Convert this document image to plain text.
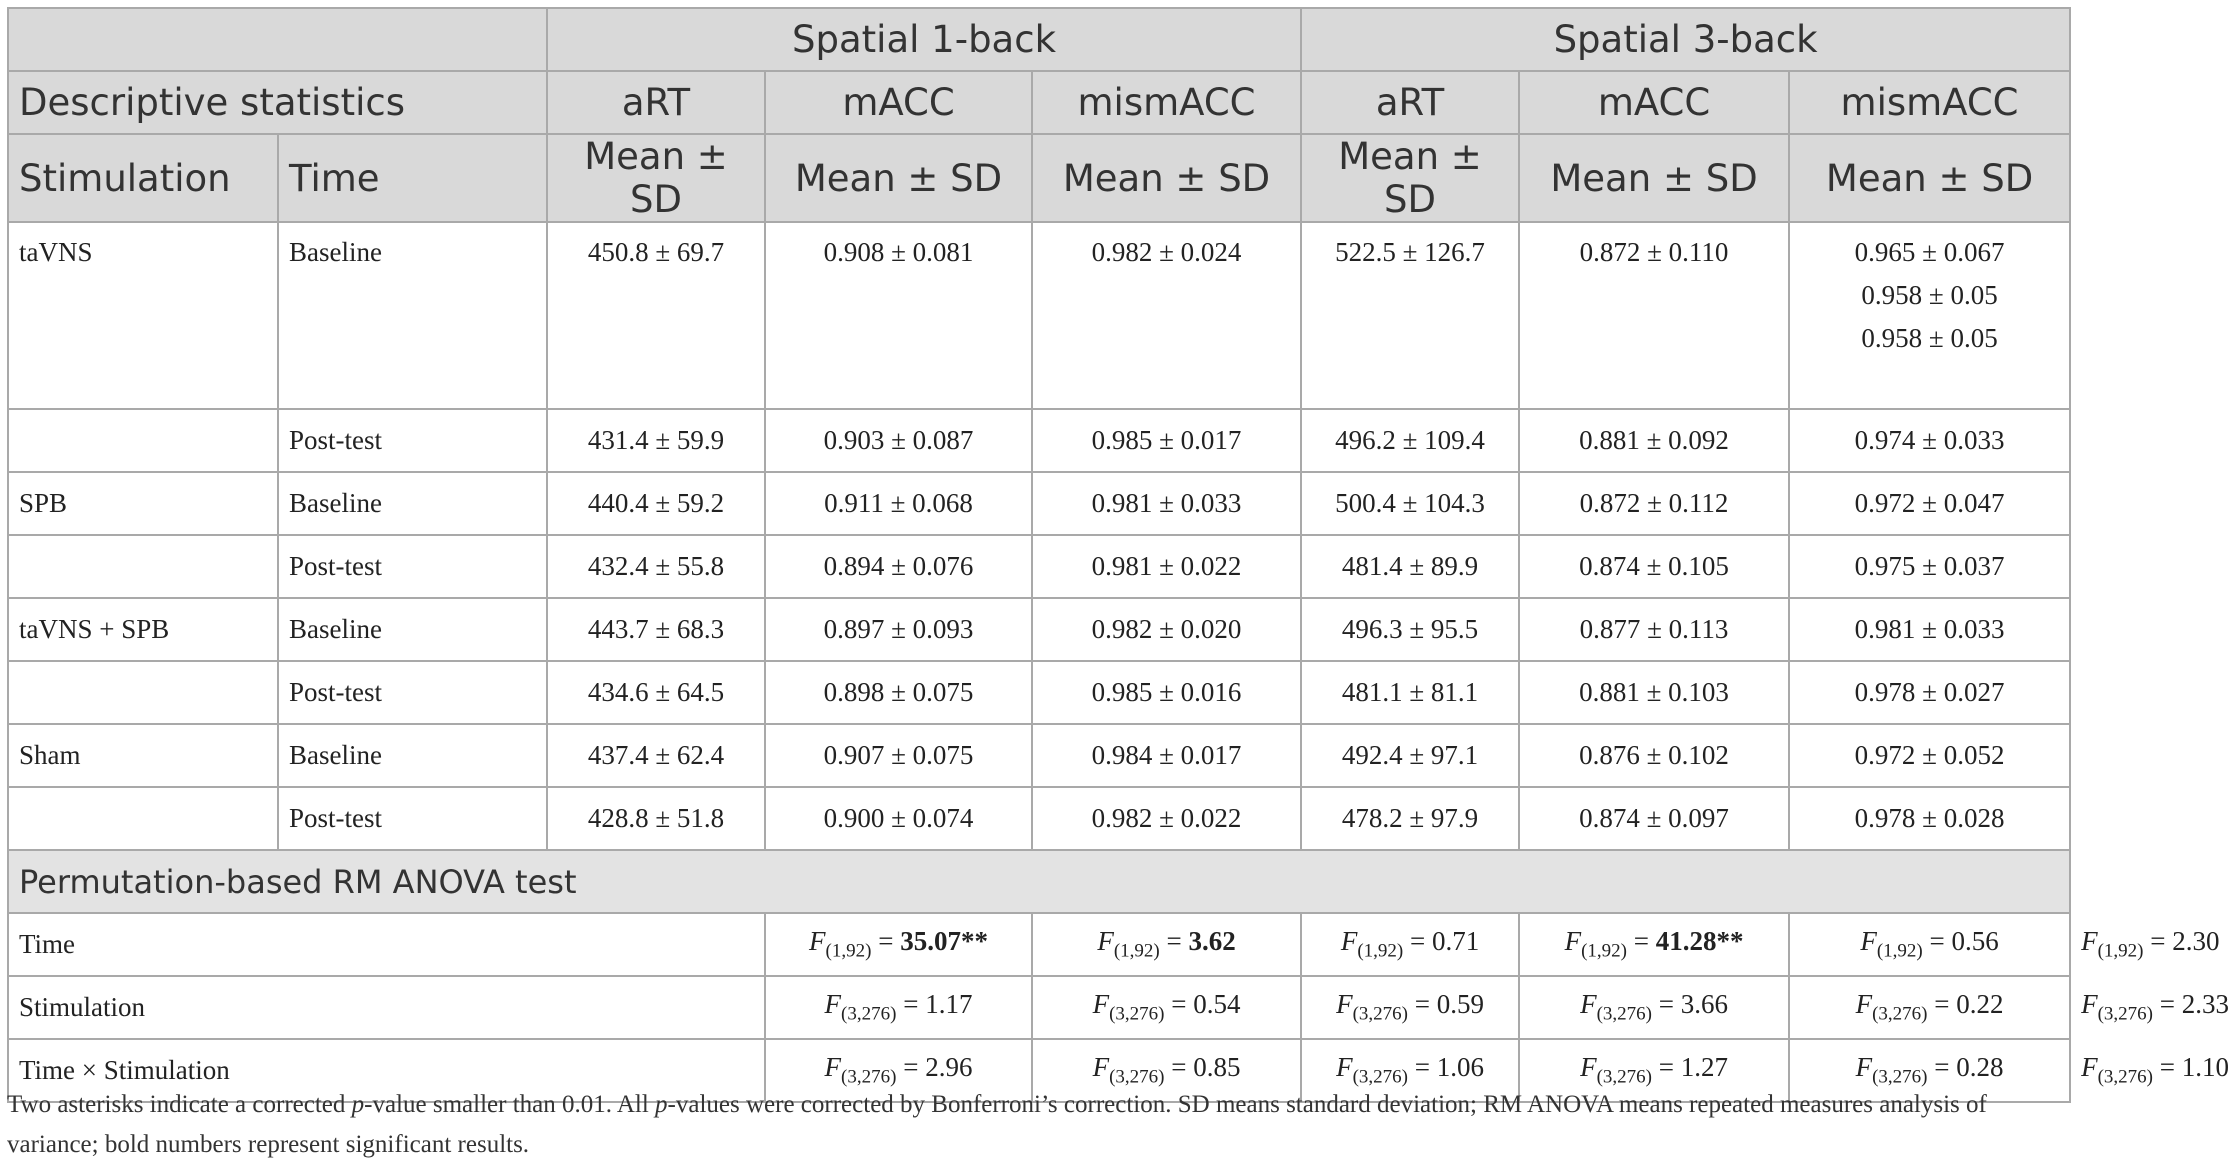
		Spatial 1-back			Spatial 3-back			
Descriptive statistics		aRT	mACC	mismACC	aRT	mACC	mismACC	
Stimulation	Time	Mean ± SD	Mean ± SD	Mean ± SD	Mean ± SD	Mean ± SD	Mean ± SD	
taVNS	Baseline	450.8 ± 69.7	0.908 ± 0.081	0.982 ± 0.024	522.5 ± 126.7	0.872 ± 0.110	0.965 ± 0.067
0.958 ± 0.05
0.958 ± 0.05	

	Post-test	431.4 ± 59.9	0.903 ± 0.087	0.985 ± 0.017	496.2 ± 109.4	0.881 ± 0.092	0.974 ± 0.033	
SPB	Baseline	440.4 ± 59.2	0.911 ± 0.068	0.981 ± 0.033	500.4 ± 104.3	0.872 ± 0.112	0.972 ± 0.047	
	Post-test	432.4 ± 55.8	0.894 ± 0.076	0.981 ± 0.022	481.4 ± 89.9	0.874 ± 0.105	0.975 ± 0.037	
taVNS + SPB	Baseline	443.7 ± 68.3	0.897 ± 0.093	0.982 ± 0.020	496.3 ± 95.5	0.877 ± 0.113	0.981 ± 0.033	
	Post-test	434.6 ± 64.5	0.898 ± 0.075	0.985 ± 0.016	481.1 ± 81.1	0.881 ± 0.103	0.978 ± 0.027	
Sham	Baseline	437.4 ± 62.4	0.907 ± 0.075	0.984 ± 0.017	492.4 ± 97.1	0.876 ± 0.102	0.972 ± 0.052	
	Post-test	428.8 ± 51.8	0.900 ± 0.074	0.982 ± 0.022	478.2 ± 97.9	0.874 ± 0.097	0.978 ± 0.028	
Permutation-based RM ANOVA test								
Time			$F_{(1,92)} = 35.07**$	$F_{(1,92)} = 3.62$	$F_{(1,92)} = 0.71$	$F_{(1,92)} = 41.28**$	$F_{(1,92)} = 0.56$	$F_{(1,92)} = 2.30$
Stimulation			$F_{(3,276)} = 1.17$	$F_{(3,276)} = 0.54$	$F_{(3,276)} = 0.59$	$F_{(3,276)} = 3.66$	$F_{(3,276)} = 0.22$	$F_{(3,276)} = 2.33$
Time × Stimulation			$F_{(3,276)} = 2.96$	$F_{(3,276)} = 0.85$	$F_{(3,276)} = 1.06$	$F_{(3,276)} = 1.27$	$F_{(3,276)} = 0.28$	$F_{(3,276)} = 1.10$
Two asterisks indicate a corrected p-value smaller than 0.01. All p-values were corrected by Bonferroni’s correction. SD means standard deviation; RM ANOVA means repeated measures analysis of variance; bold numbers represent significant results.
